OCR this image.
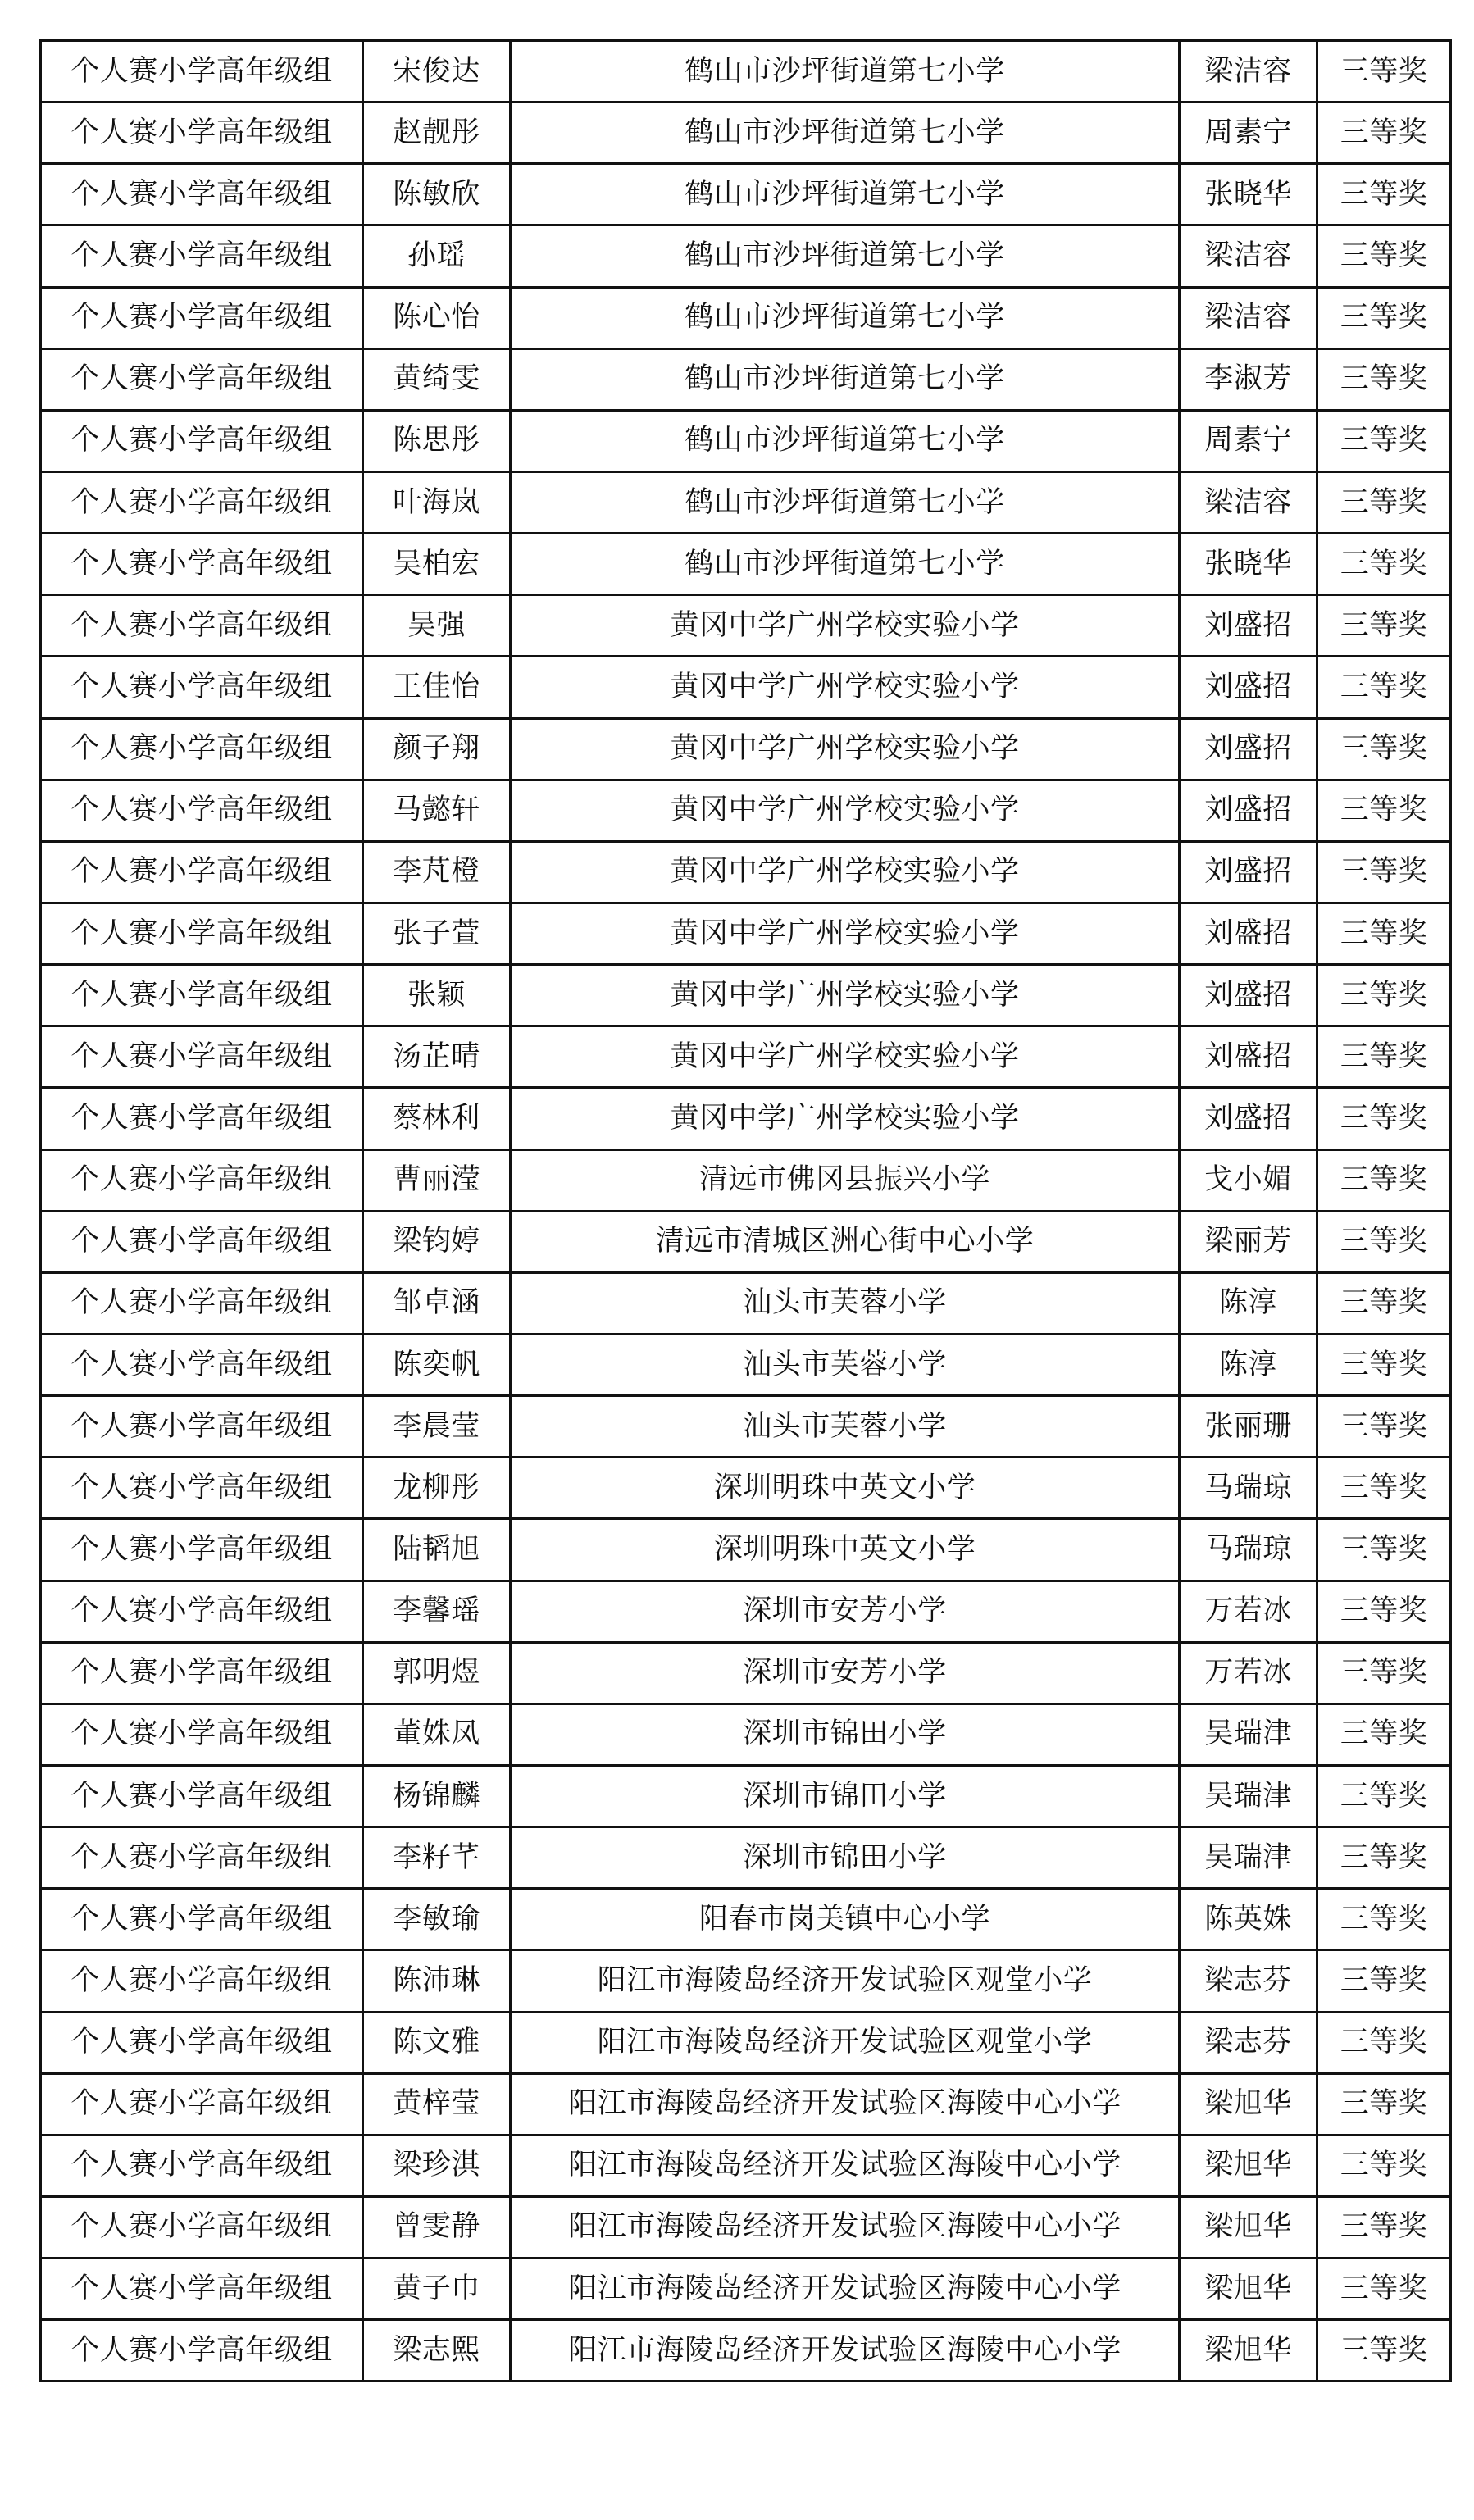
个人赛小学高年级组	宋俊达	鹤山市沙坪街道第七小学	梁洁容	三等奖
个人赛小学高年级组	赵靓彤	鹤山市沙坪街道第七小学	周素宁	三等奖
个人赛小学高年级组	陈敏欣	鹤山市沙坪街道第七小学	张晓华	三等奖
个人赛小学高年级组	孙瑶	鹤山市沙坪街道第七小学	梁洁容	三等奖
个人赛小学高年级组	陈心怡	鹤山市沙坪街道第七小学	梁洁容	三等奖
个人赛小学高年级组	黄绮雯	鹤山市沙坪街道第七小学	李淑芳	三等奖
个人赛小学高年级组	陈思彤	鹤山市沙坪街道第七小学	周素宁	三等奖
个人赛小学高年级组	叶海岚	鹤山市沙坪街道第七小学	梁洁容	三等奖
个人赛小学高年级组	吴柏宏	鹤山市沙坪街道第七小学	张晓华	三等奖
个人赛小学高年级组	吴强	黄冈中学广州学校实验小学	刘盛招	三等奖
个人赛小学高年级组	王佳怡	黄冈中学广州学校实验小学	刘盛招	三等奖
个人赛小学高年级组	颜子翔	黄冈中学广州学校实验小学	刘盛招	三等奖
个人赛小学高年级组	马懿轩	黄冈中学广州学校实验小学	刘盛招	三等奖
个人赛小学高年级组	李芃橙	黄冈中学广州学校实验小学	刘盛招	三等奖
个人赛小学高年级组	张子萱	黄冈中学广州学校实验小学	刘盛招	三等奖
个人赛小学高年级组	张颖	黄冈中学广州学校实验小学	刘盛招	三等奖
个人赛小学高年级组	汤芷晴	黄冈中学广州学校实验小学	刘盛招	三等奖
个人赛小学高年级组	蔡林利	黄冈中学广州学校实验小学	刘盛招	三等奖
个人赛小学高年级组	曹丽滢	清远市佛冈县振兴小学	戈小媚	三等奖
个人赛小学高年级组	梁钧婷	清远市清城区洲心街中心小学	梁丽芳	三等奖
个人赛小学高年级组	邹卓涵	汕头市芙蓉小学	陈淳	三等奖
个人赛小学高年级组	陈奕帆	汕头市芙蓉小学	陈淳	三等奖
个人赛小学高年级组	李晨莹	汕头市芙蓉小学	张丽珊	三等奖
个人赛小学高年级组	龙柳彤	深圳明珠中英文小学	马瑞琼	三等奖
个人赛小学高年级组	陆韬旭	深圳明珠中英文小学	马瑞琼	三等奖
个人赛小学高年级组	李馨瑶	深圳市安芳小学	万若冰	三等奖
个人赛小学高年级组	郭明煜	深圳市安芳小学	万若冰	三等奖
个人赛小学高年级组	董姝凤	深圳市锦田小学	吴瑞津	三等奖
个人赛小学高年级组	杨锦麟	深圳市锦田小学	吴瑞津	三等奖
个人赛小学高年级组	李籽芊	深圳市锦田小学	吴瑞津	三等奖
个人赛小学高年级组	李敏瑜	阳春市岗美镇中心小学	陈英姝	三等奖
个人赛小学高年级组	陈沛琳	阳江市海陵岛经济开发试验区观堂小学	梁志芬	三等奖
个人赛小学高年级组	陈文雅	阳江市海陵岛经济开发试验区观堂小学	梁志芬	三等奖
个人赛小学高年级组	黄梓莹	阳江市海陵岛经济开发试验区海陵中心小学	梁旭华	三等奖
个人赛小学高年级组	梁珍淇	阳江市海陵岛经济开发试验区海陵中心小学	梁旭华	三等奖
个人赛小学高年级组	曾雯静	阳江市海陵岛经济开发试验区海陵中心小学	梁旭华	三等奖
个人赛小学高年级组	黄子巾	阳江市海陵岛经济开发试验区海陵中心小学	梁旭华	三等奖
个人赛小学高年级组	梁志熙	阳江市海陵岛经济开发试验区海陵中心小学	梁旭华	三等奖
